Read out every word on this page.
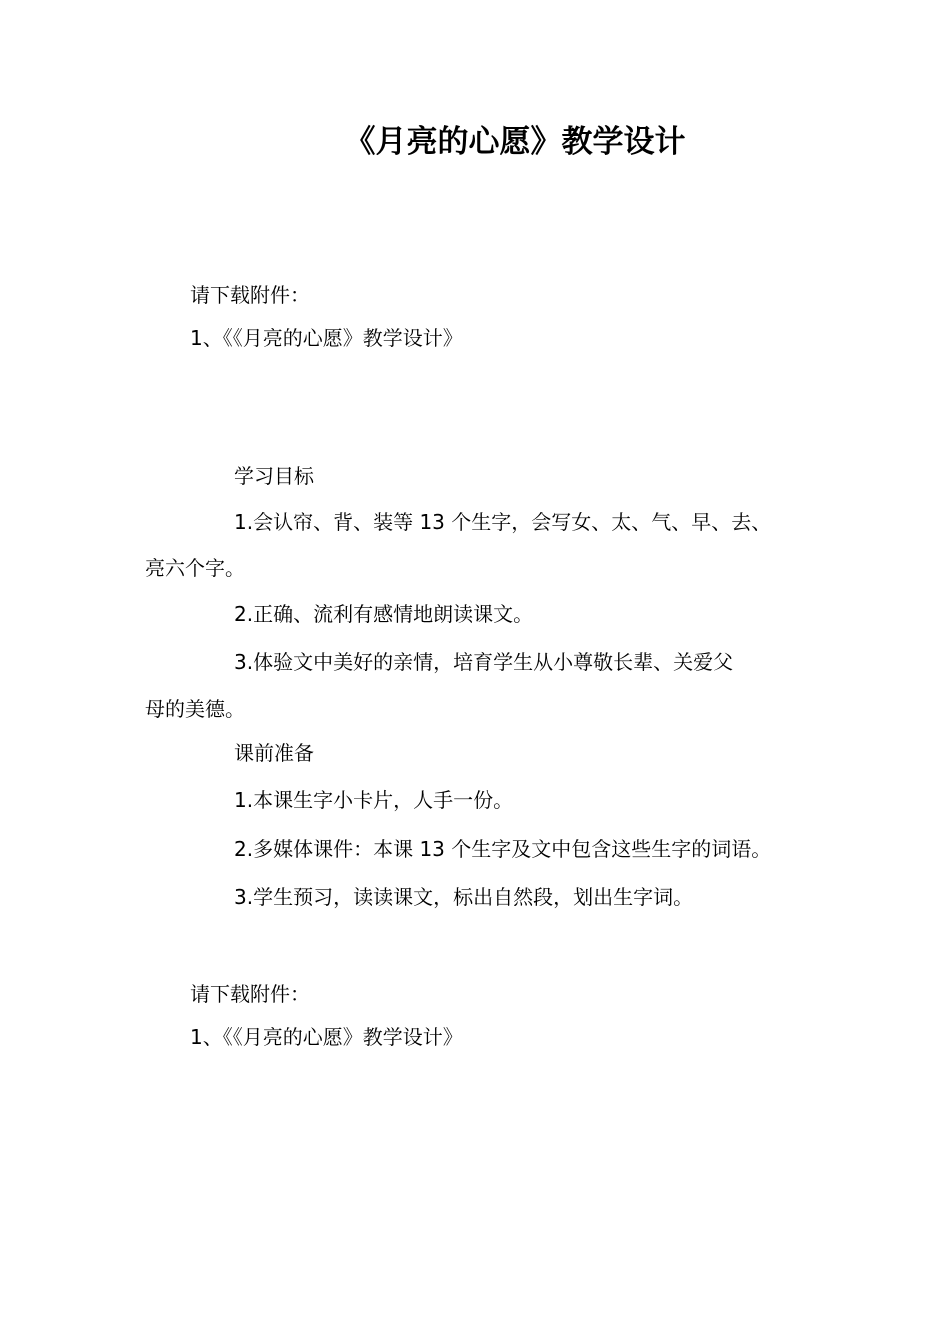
《月亮的心愿》教学设计
请下载附件：
1、《《月亮的心愿》教学设计》
学习目标
1.会认帘、背、装等 13 个生字，会写女、太、气、早、去、
亮六个字。
2.正确、流利有感情地朗读课文。
3.体验文中美好的亲情，培育学生从小尊敬长辈、关爱父
母的美德。
课前准备
1.本课生字小卡片，人手一份。
2.多媒体课件：本课 13 个生字及文中包含这些生字的词语。
3.学生预习，读读课文，标出自然段，划出生字词。
请下载附件：
1、《《月亮的心愿》教学设计》
